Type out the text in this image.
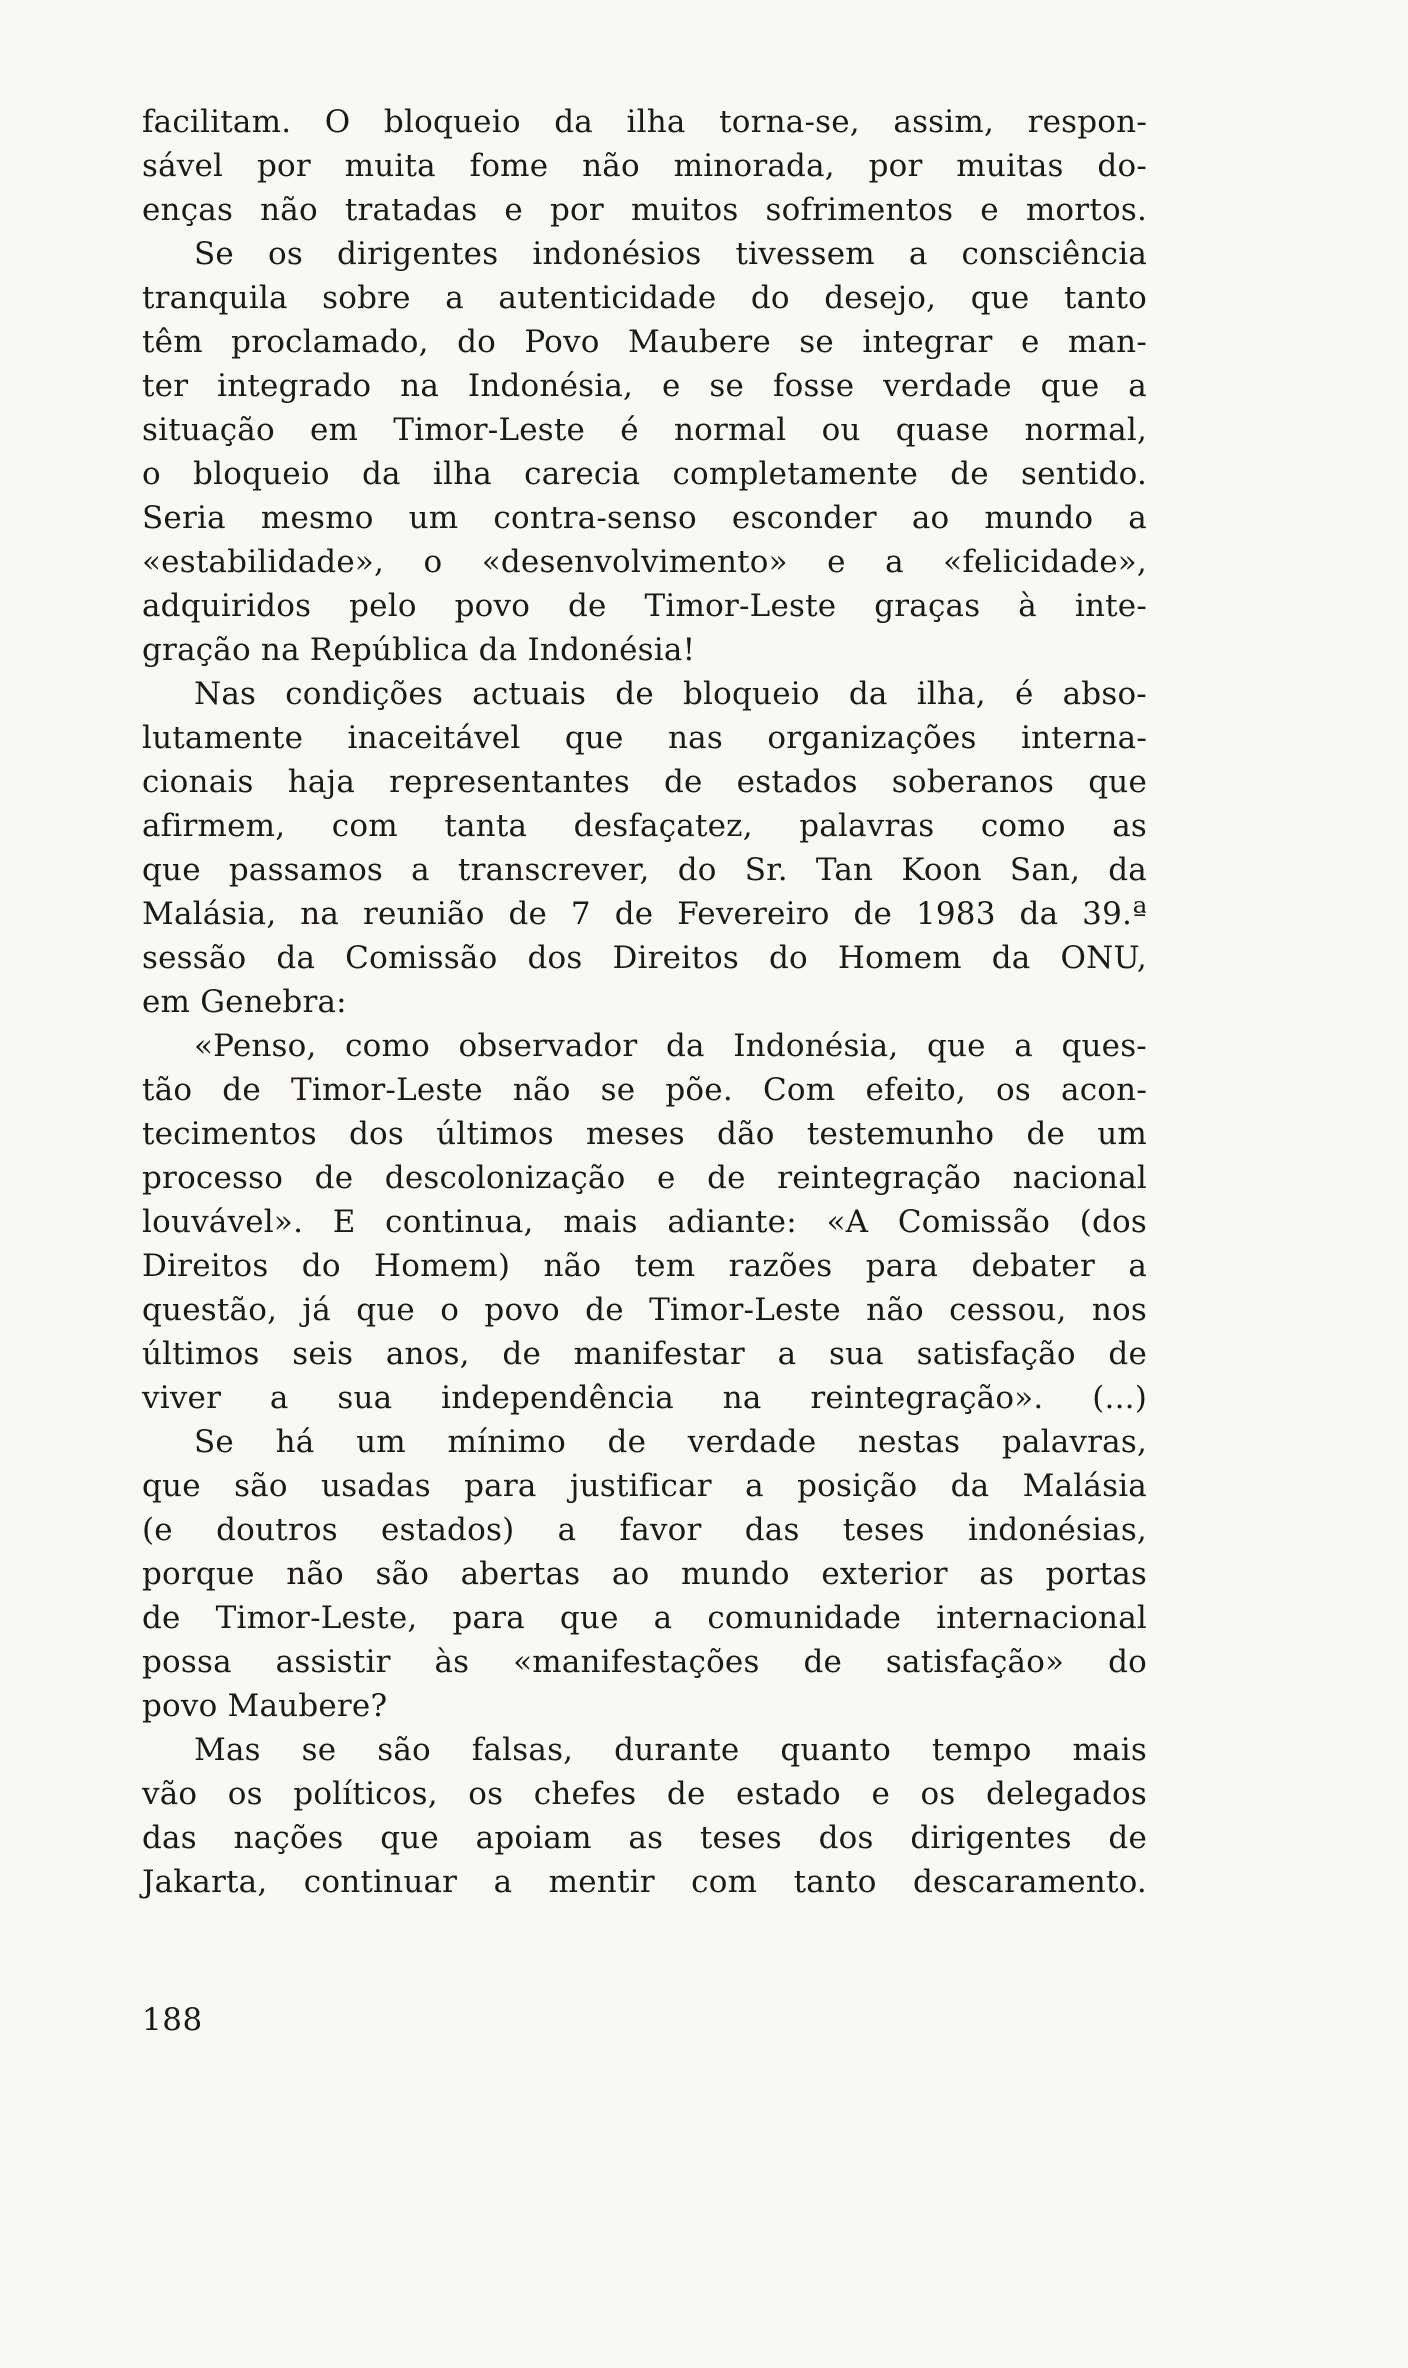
facilitam. O bloqueio da ilha torna-se, assim, respon-
sável por muita fome não minorada, por muitas do-
enças não tratadas e por muitos sofrimentos e mortos.
Se os dirigentes indonésios tivessem a consciência
tranquila sobre a autenticidade do desejo, que tanto
têm proclamado, do Povo Maubere se integrar e man-
ter integrado na Indonésia, e se fosse verdade que a
situação em Timor-Leste é normal ou quase normal,
o bloqueio da ilha carecia completamente de sentido.
Seria mesmo um contra-senso esconder ao mundo a
«estabilidade», o «desenvolvimento» e a «felicidade»,
adquiridos pelo povo de Timor-Leste graças à inte-
gração na República da Indonésia!
Nas condições actuais de bloqueio da ilha, é abso-
lutamente inaceitável que nas organizações interna-
cionais haja representantes de estados soberanos que
afirmem, com tanta desfaçatez, palavras como as
que passamos a transcrever, do Sr. Tan Koon San, da
Malásia, na reunião de 7 de Fevereiro de 1983 da 39.ª
sessão da Comissão dos Direitos do Homem da ONU,
em Genebra:
«Penso, como observador da Indonésia, que a ques-
tão de Timor-Leste não se põe. Com efeito, os acon-
tecimentos dos últimos meses dão testemunho de um
processo de descolonização e de reintegração nacional
louvável». E continua, mais adiante: «A Comissão (dos
Direitos do Homem) não tem razões para debater a
questão, já que o povo de Timor-Leste não cessou, nos
últimos seis anos, de manifestar a sua satisfação de
viver a sua independência na reintegração». (...)
Se há um mínimo de verdade nestas palavras,
que são usadas para justificar a posição da Malásia
(e doutros estados) a favor das teses indonésias,
porque não são abertas ao mundo exterior as portas
de Timor-Leste, para que a comunidade internacional
possa assistir às «manifestações de satisfação» do
povo Maubere?
Mas se são falsas, durante quanto tempo mais
vão os políticos, os chefes de estado e os delegados
das nações que apoiam as teses dos dirigentes de
Jakarta, continuar a mentir com tanto descaramento.
188
